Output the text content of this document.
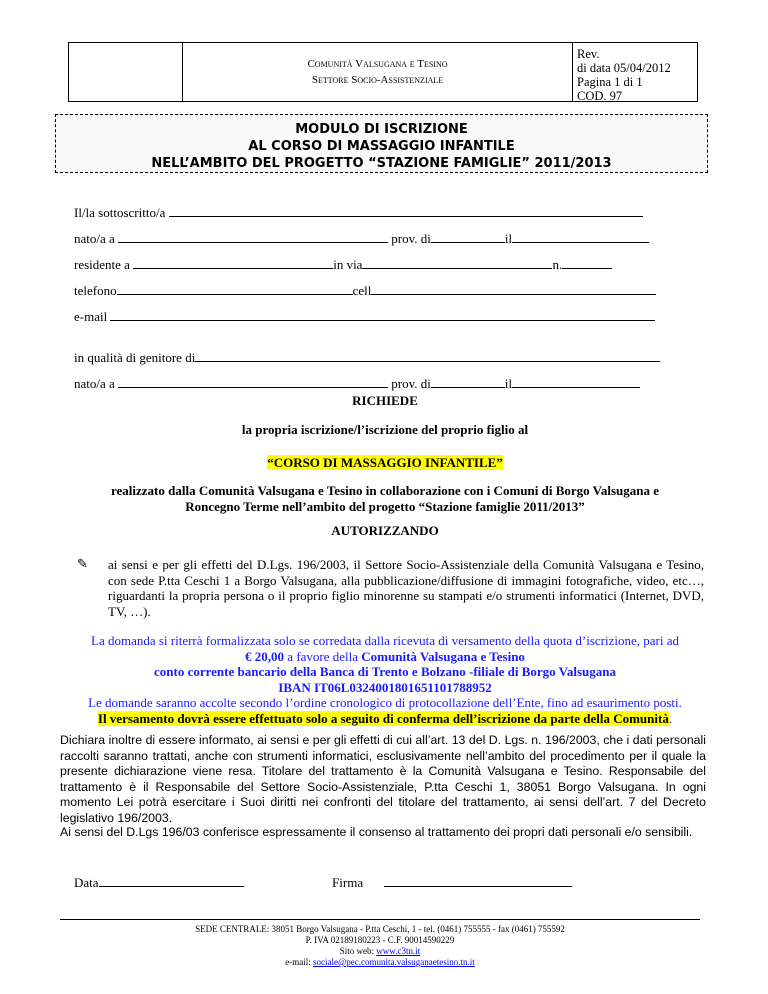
Comunità Valsugana e Tesino
Settore Socio-Assistenziale
Rev.
di data 05/04/2012
Pagina 1 di 1
COD. 97
MODULO DI ISCRIZIONE
AL CORSO DI MASSAGGIO INFANTILE
NELL’AMBITO DEL PROGETTO “STAZIONE FAMIGLIE” 2011/2013
Il/la sottoscritto/a
nato/a a	prov. di	il
residente a	in via	n.
telefono	cell
e-mail
in qualità di genitore di
nato/a a	prov. di	il
RICHIEDE
la propria iscrizione/l’iscrizione del proprio figlio al
“CORSO DI MASSAGGIO INFANTILE”
realizzato dalla Comunità Valsugana e Tesino in collaborazione con i Comuni di Borgo Valsugana e
Roncegno Terme nell’ambito del progetto “Stazione famiglie 2011/2013”
AUTORIZZANDO
✎ ai sensi e per gli effetti del D.Lgs. 196/2003, il Settore Socio-Assistenziale della Comunità Valsugana e Tesino, con sede P.tta Ceschi 1 a Borgo Valsugana, alla pubblicazione/diffusione di immagini fotografiche, video, etc…, riguardanti la propria persona o il proprio figlio minorenne su stampati e/o strumenti informatici (Internet, DVD, TV, …).
La domanda si riterrà formalizzata solo se corredata dalla ricevuta di versamento della quota d’iscrizione, pari ad
€ 20,00 a favore della Comunità Valsugana e Tesino
conto corrente bancario della Banca di Trento e Bolzano -filiale di Borgo Valsugana
IBAN IT06L0324001801651101788952
Le domande saranno accolte secondo l’ordine cronologico di protocollazione dell’Ente, fino ad esaurimento posti.
Il versamento dovrà essere effettuato solo a seguito di conferma dell’iscrizione da parte della Comunità.
Dichiara inoltre di essere informato, ai sensi e per gli effetti di cui all’art. 13 del D. Lgs. n. 196/2003, che i dati personali raccolti saranno trattati, anche con strumenti informatici, esclusivamente nell’ambito del procedimento per il quale la presente dichiarazione viene resa. Titolare del trattamento è la Comunità Valsugana e Tesino. Responsabile del trattamento è il Responsabile del Settore Socio-Assistenziale, P.tta Ceschi 1, 38051 Borgo Valsugana. In ogni momento Lei potrà esercitare i Suoi diritti nei confronti del titolare del trattamento, ai sensi dell’art. 7 del Decreto legislativo 196/2003.
Ai sensi del D.Lgs 196/03 conferisce espressamente il consenso al trattamento dei propri dati personali e/o sensibili.
Data	Firma
SEDE CENTRALE: 38051 Borgo Valsugana - P.tta Ceschi, 1 - tel. (0461) 755555 - fax (0461) 755592
P. IVA 02189180223 - C.F. 90014590229
Sito web: www.c3tn.it
e-mail: sociale@pec.comunita.valsuganaetesino.tn.it
